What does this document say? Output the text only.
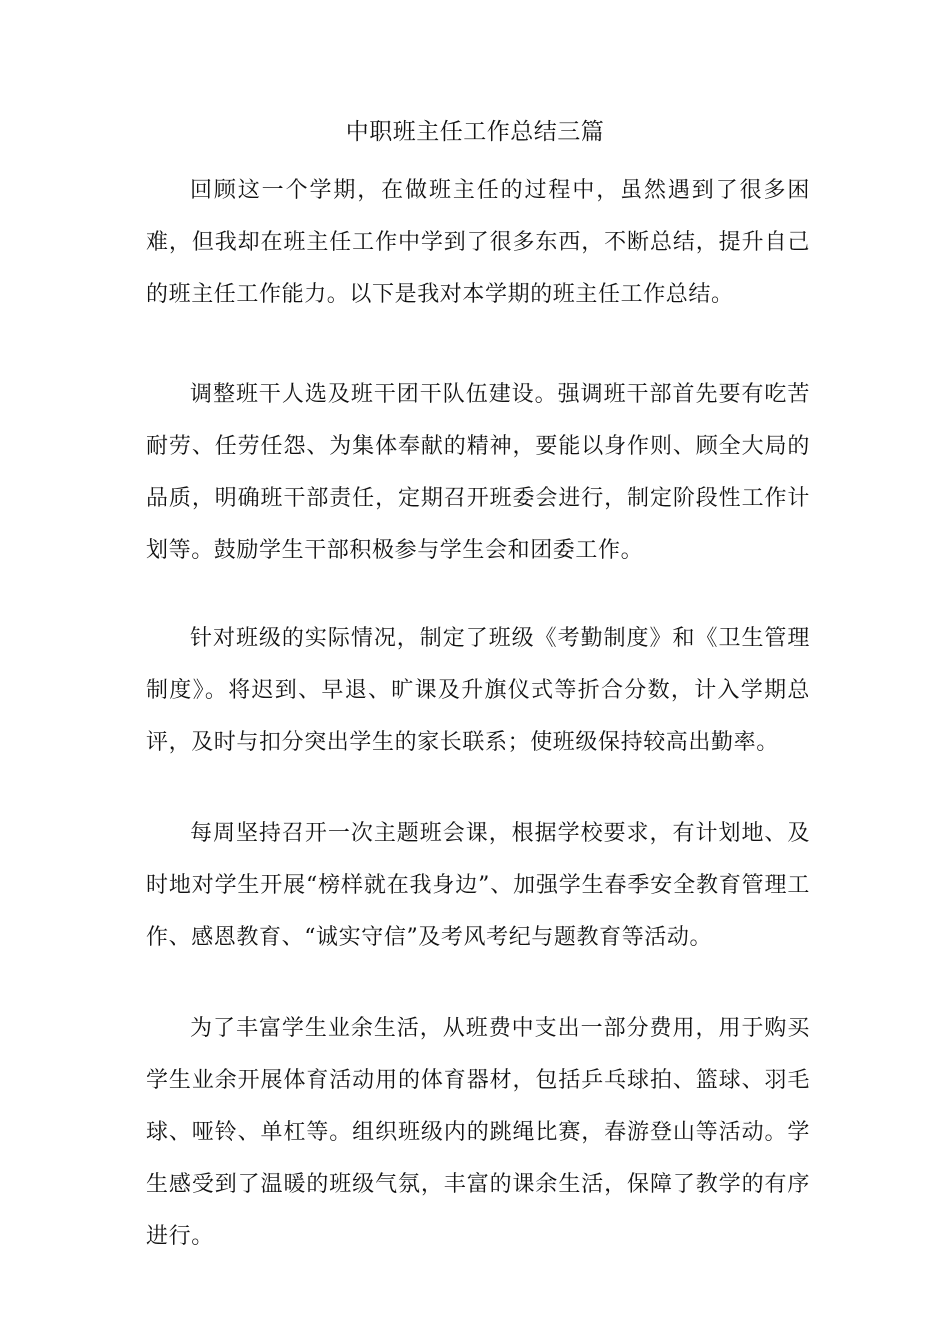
中职班主任工作总结三篇

回顾这一个学期，在做班主任的过程中，虽然遇到了很多困难，但我却在班主任工作中学到了很多东西，不断总结，提升自己的班主任工作能力。以下是我对本学期的班主任工作总结。

调整班干人选及班干团干队伍建设。强调班干部首先要有吃苦耐劳、任劳任怨、为集体奉献的精神，要能以身作则、顾全大局的品质，明确班干部责任，定期召开班委会进行，制定阶段性工作计划等。鼓励学生干部积极参与学生会和团委工作。

针对班级的实际情况，制定了班级《考勤制度》和《卫生管理制度》。将迟到、早退、旷课及升旗仪式等折合分数，计入学期总评，及时与扣分突出学生的家长联系；使班级保持较高出勤率。

每周坚持召开一次主题班会课，根据学校要求，有计划地、及时地对学生开展“榜样就在我身边”、加强学生春季安全教育管理工作、感恩教育、“诚实守信”及考风考纪与题教育等活动。

为了丰富学生业余生活，从班费中支出一部分费用，用于购买学生业余开展体育活动用的体育器材，包括乒乓球拍、篮球、羽毛球、哑铃、单杠等。组织班级内的跳绳比赛，春游登山等活动。学生感受到了温暖的班级气氛，丰富的课余生活，保障了教学的有序进行。
